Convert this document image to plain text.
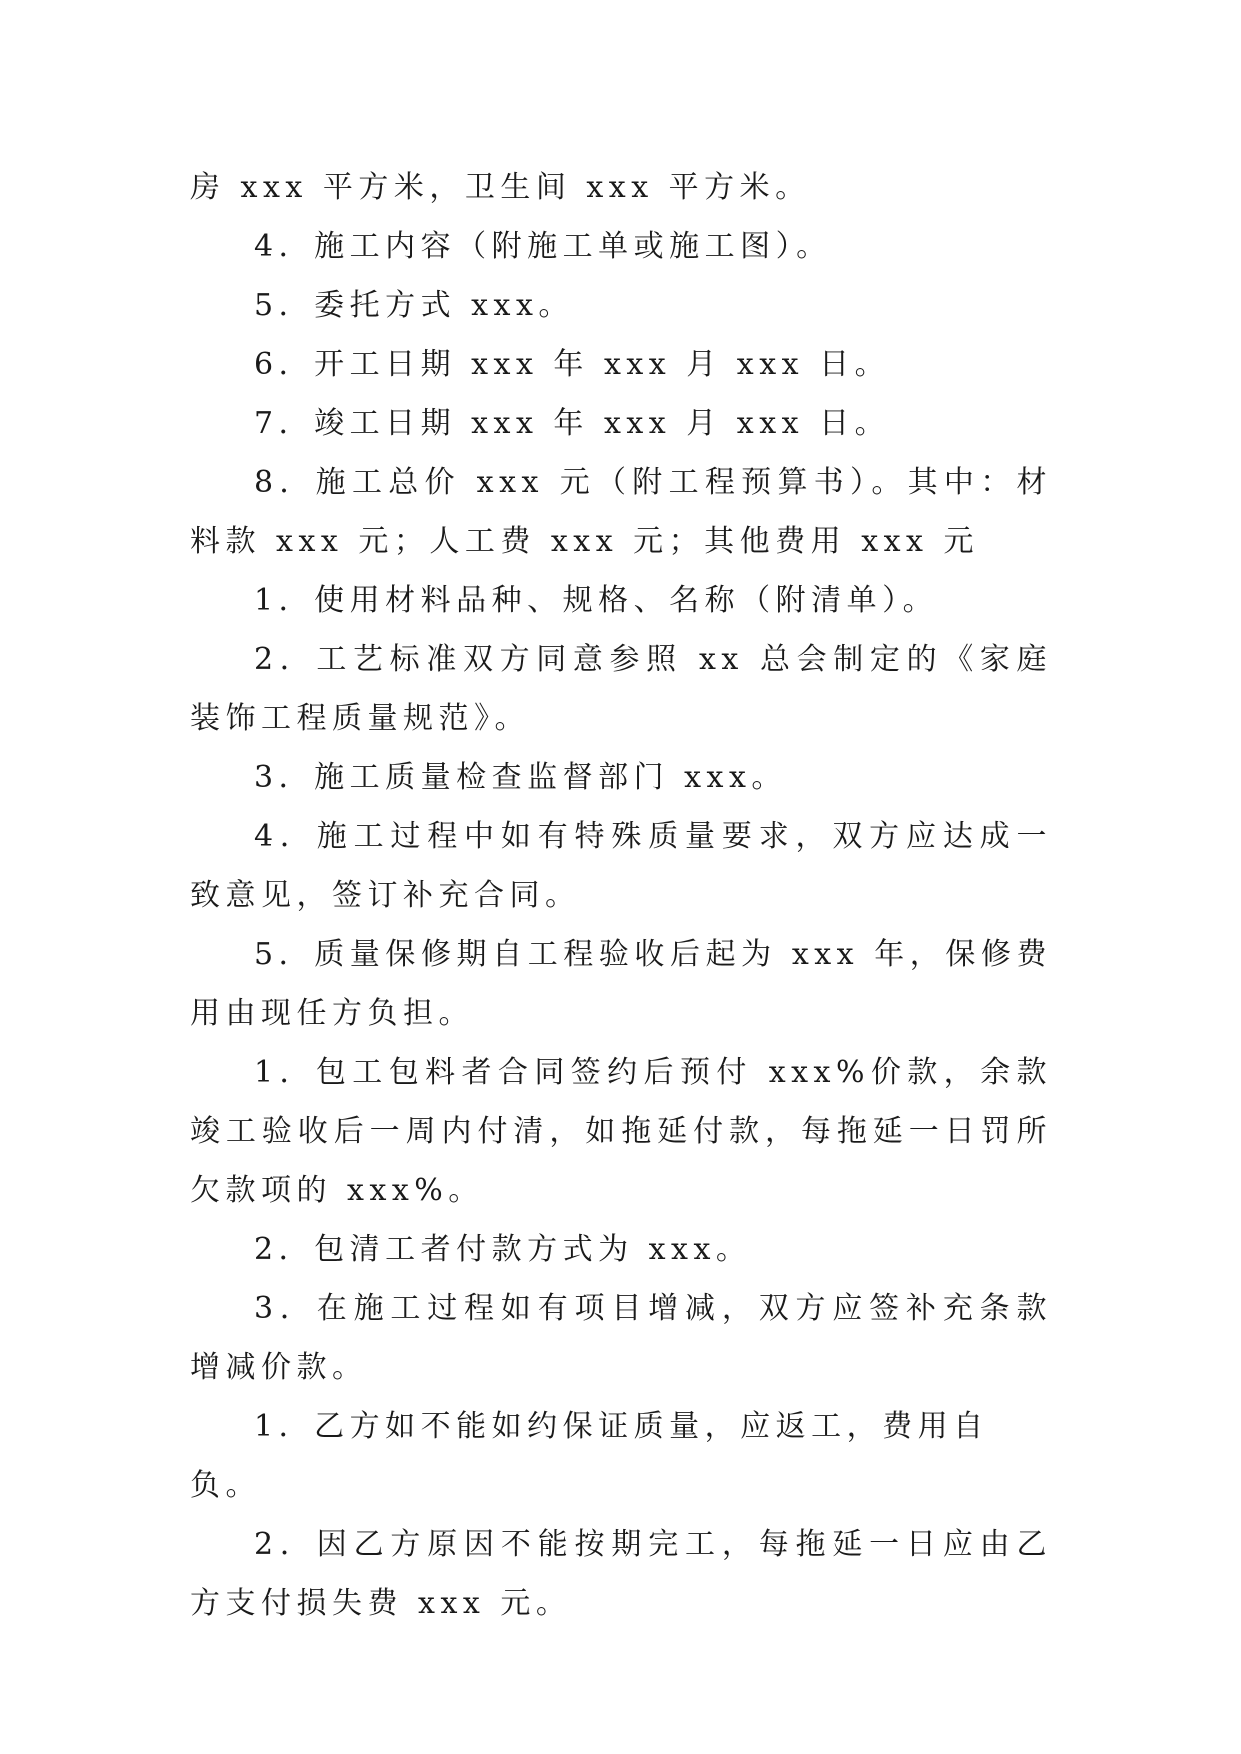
房 xxx 平方米，卫生间 xxx 平方米。

4．施工内容（附施工单或施工图）。

5．委托方式 xxx。

6．开工日期 xxx 年 xxx 月 xxx 日。

7．竣工日期 xxx 年 xxx 月 xxx 日。

8．施工总价 xxx 元（附工程预算书）。其中：材料款 xxx 元；人工费 xxx 元；其他费用 xxx 元

1．使用材料品种、规格、名称（附清单）。

2．工艺标准双方同意参照 xx 总会制定的《家庭装饰工程质量规范》。

3．施工质量检查监督部门 xxx。

4．施工过程中如有特殊质量要求，双方应达成一致意见，签订补充合同。

5．质量保修期自工程验收后起为 xxx 年，保修费用由现任方负担。

1．包工包料者合同签约后预付 xxx%价款，余款竣工验收后一周内付清，如拖延付款，每拖延一日罚所欠款项的 xxx%。

2．包清工者付款方式为 xxx。

3．在施工过程如有项目增减，双方应签补充条款增减价款。

1．乙方如不能如约保证质量，应返工，费用自负。

2．因乙方原因不能按期完工，每拖延一日应由乙方支付损失费 xxx 元。
